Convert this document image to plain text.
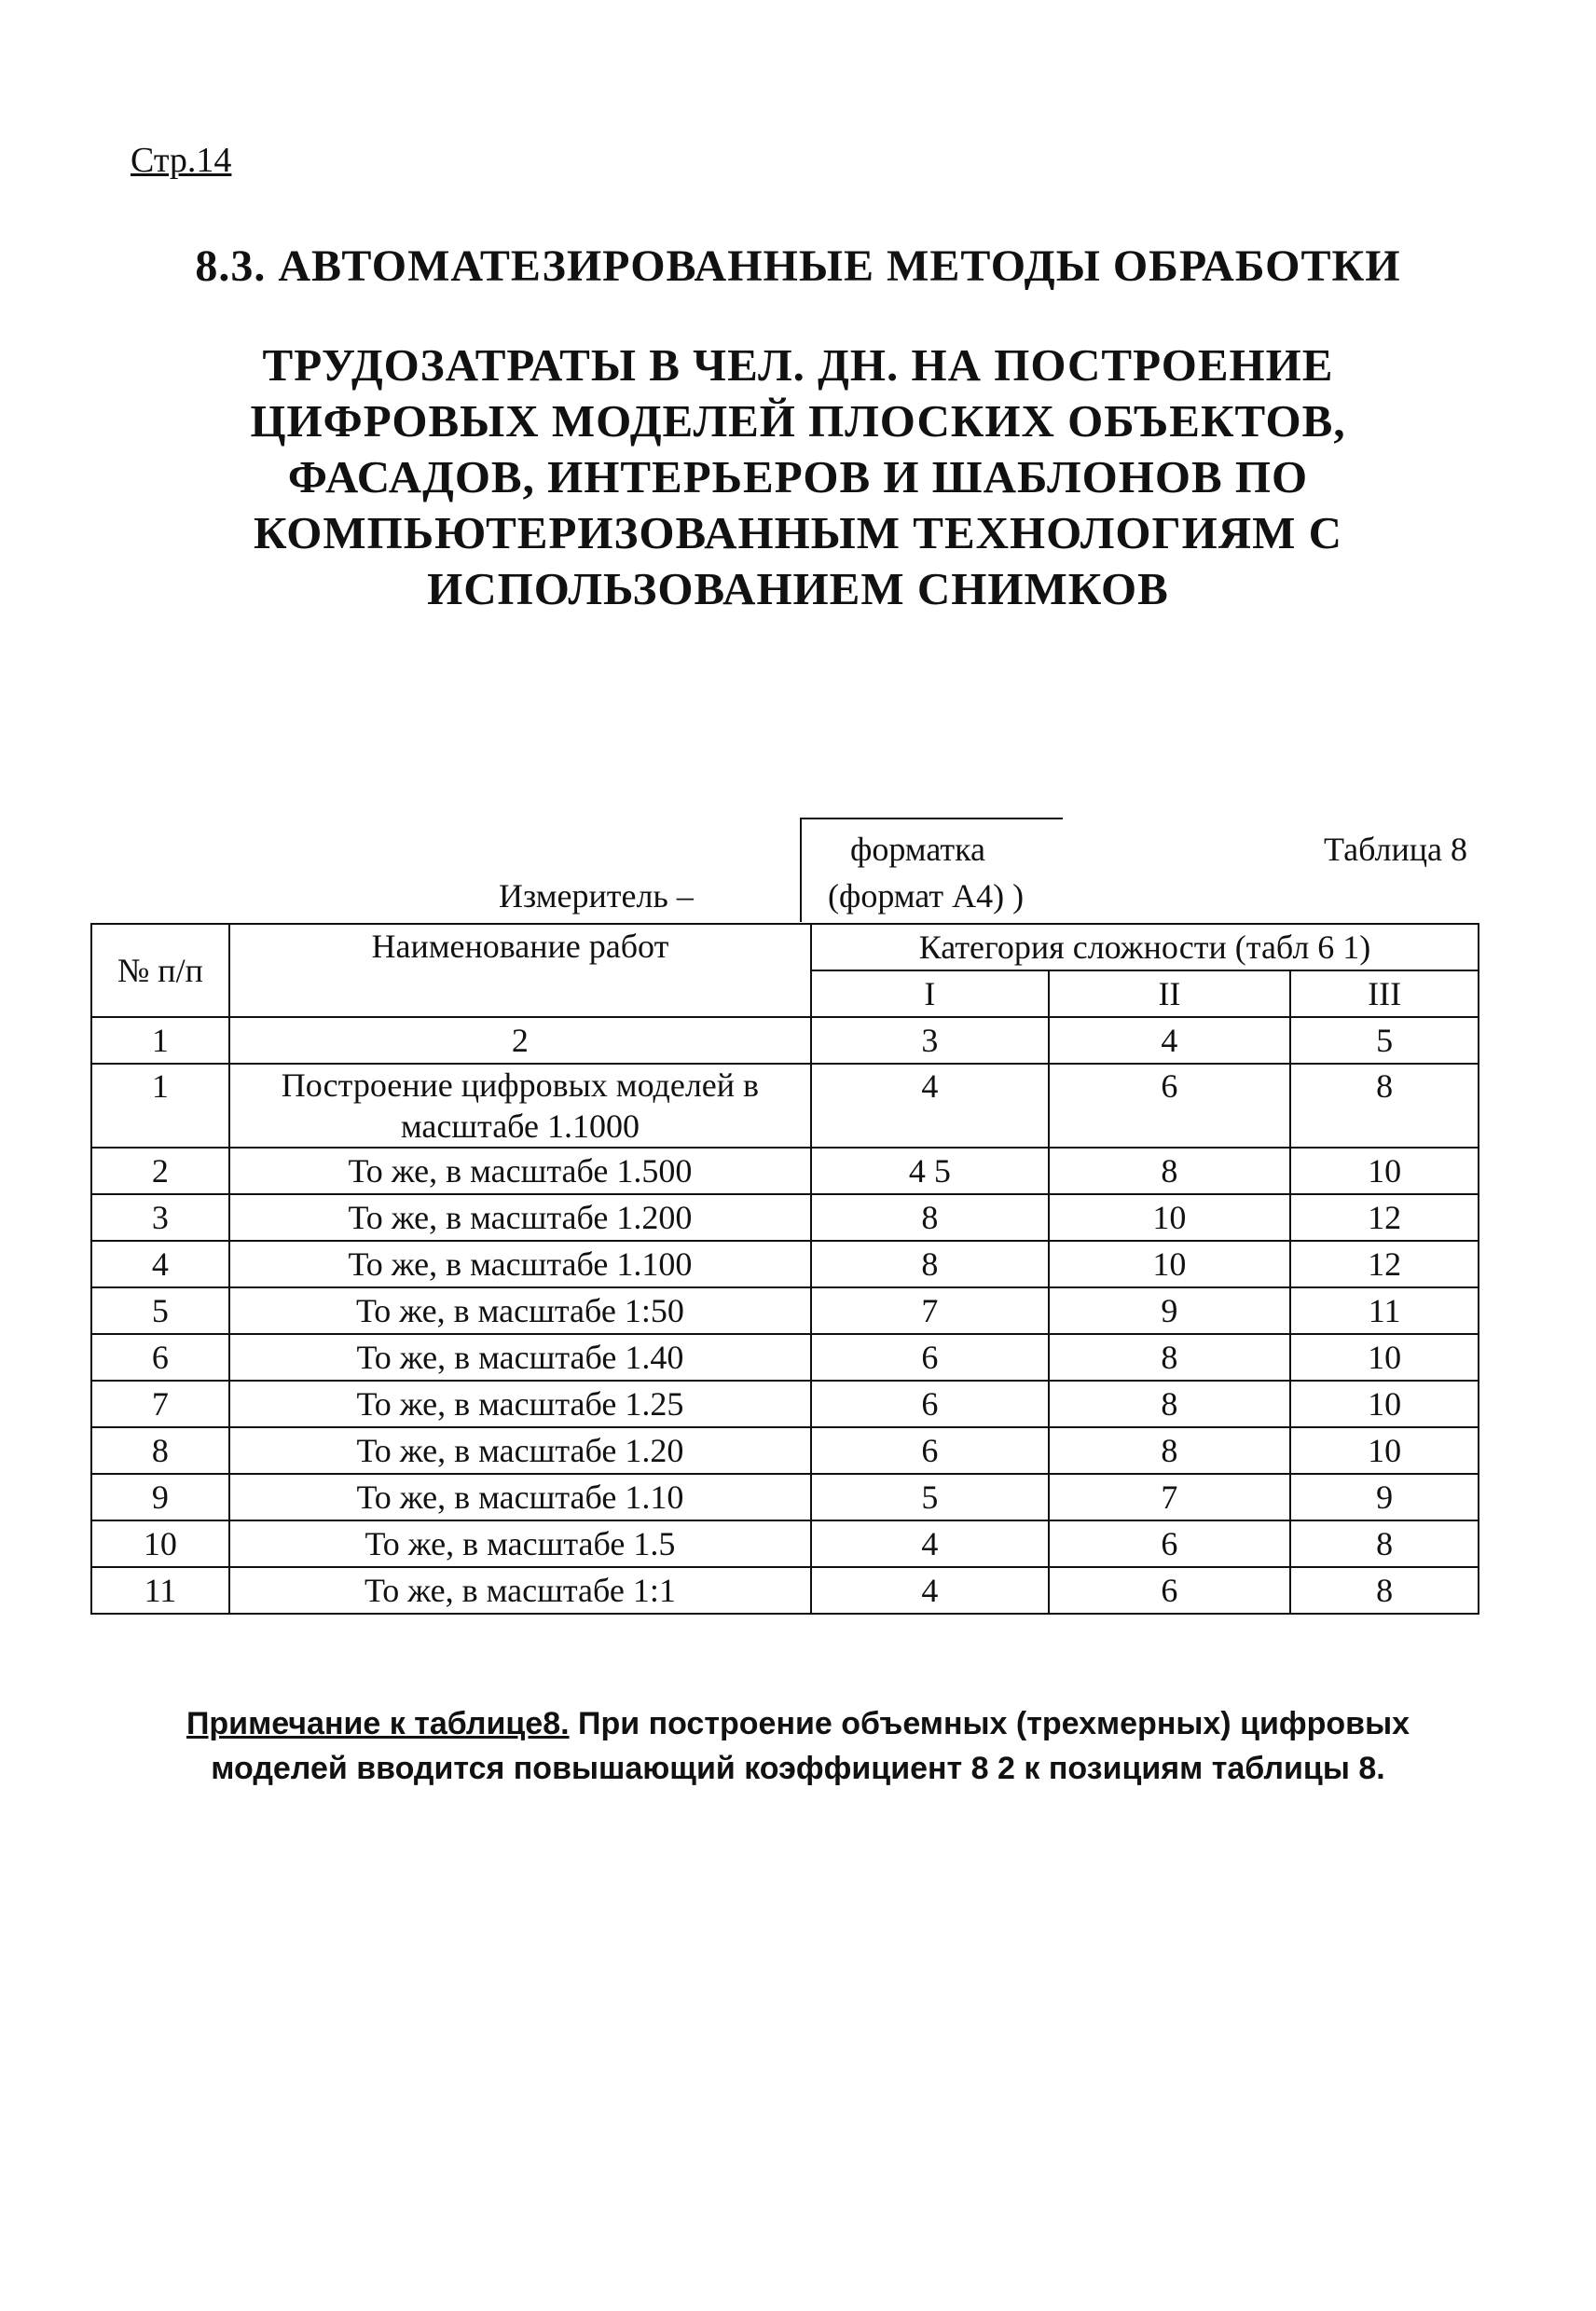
Стр.14
8.3. АВТОМАТЕЗИРОВАННЫЕ МЕТОДЫ ОБРАБОТКИ
ТРУДОЗАТРАТЫ В ЧЕЛ. ДН. НА ПОСТРОЕНИЕ
ЦИФРОВЫХ МОДЕЛЕЙ ПЛОСКИХ ОБЪЕКТОВ,
ФАСАДОВ, ИНТЕРЬЕРОВ И ШАБЛОНОВ ПО
КОМПЬЮТЕРИЗОВАННЫМ ТЕХНОЛОГИЯМ С
ИСПОЛЬЗОВАНИЕМ СНИМКОВ
Измеритель –
форматка
(формат А4) )
Таблица 8
№ п/п	Наименование работ	Категория сложности (табл 6 1)		
		I	II	III
1	2	3	4	5
1	Построение цифровых моделей в масштабе 1.1000	4	6	8
2	То же, в масштабе 1.500	4 5	8	10
3	То же, в масштабе 1.200	8	10	12
4	То же, в масштабе 1.100	8	10	12
5	То же, в масштабе 1:50	7	9	11
6	То же, в масштабе 1.40	6	8	10
7	То же, в масштабе 1.25	6	8	10
8	То же, в масштабе 1.20	6	8	10
9	То же, в масштабе 1.10	5	7	9
10	То же, в масштабе 1.5	4	6	8
11	То же, в масштабе 1:1	4	6	8
Примечание к таблице8. При построение объемных (трехмерных) цифровых
моделей вводится повышающий коэффициент 8 2 к позициям таблицы 8.
